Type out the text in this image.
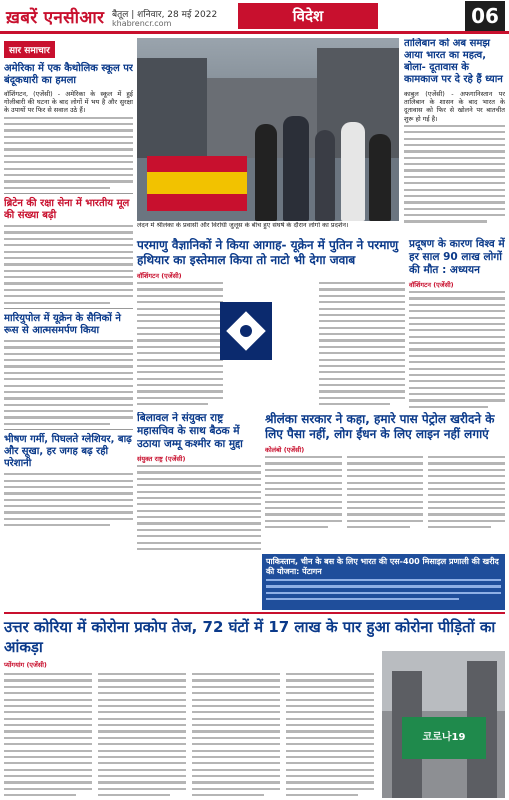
ख़बरें एनसीआर बैतूल | शनिवार, 28 मई 2022
khabrencr.com	विदेश	06
सार समाचार
अमेरिका में एक कैथोलिक स्कूल पर बंदूकधारी का हमला
वॉशिंगटन, (एजेंसी) - अमेरिका के स्कूल में हुई गोलीबारी की घटना के बाद लोगों में भय है और सुरक्षा के उपायों पर फिर से सवाल उठे हैं।
ब्रिटेन की रक्षा सेना में भारतीय मूल की संख्या बढ़ी
मारियुपोल में यूक्रेन के सैनिकों ने रूस से आत्मसमर्पण किया
भीषण गर्मी, पिघलते ग्लेशियर, बाढ़ और सूखा, हर जगह बढ़ रही परेशानी
लंदन में श्रीलंका के प्रवासी और विरोधी जुलूस के बीच हुए संघर्ष के दौरान लोगों का प्रदर्शन।
तालिबान को अब समझ आया भारत का महत्व, बोला- दूतावास के कामकाज पर दे रहे हैं ध्यान
काबुल (एजेंसी) - अफगानिस्तान पर तालिबान के शासन के बाद भारत के दूतावास को फिर से खोलने पर बातचीत शुरू हो गई है।
परमाणु वैज्ञानिकों ने किया आगाह- यूक्रेन में पुतिन ने परमाणु हथियार का इस्तेमाल किया तो नाटो भी देगा जवाब
वॉशिंगटन (एजेंसी)
प्रदूषण के कारण विश्व में हर साल 90 लाख लोगों की मौत : अध्ययन
वॉशिंगटन (एजेंसी)
बिलावल ने संयुक्त राष्ट्र महासचिव के साथ बैठक में उठाया जम्मू कश्मीर का मुद्दा
संयुक्त राष्ट्र (एजेंसी)
श्रीलंका सरकार ने कहा, हमारे पास पेट्रोल खरीदने के लिए पैसा नहीं, लोग ईंधन के लिए लाइन नहीं लगाएं
कोलंबो (एजेंसी)
पाकिस्तान, चीन के बस के लिए भारत की एस-400 मिसाइल प्रणाली की खरीद की योजना: पेंटागन
उत्तर कोरिया में कोरोना प्रकोप तेज, 72 घंटों में 17 लाख के पार हुआ कोरोना पीड़ितों का आंकड़ा
प्योंगयांग (एजेंसी)
코로나19
